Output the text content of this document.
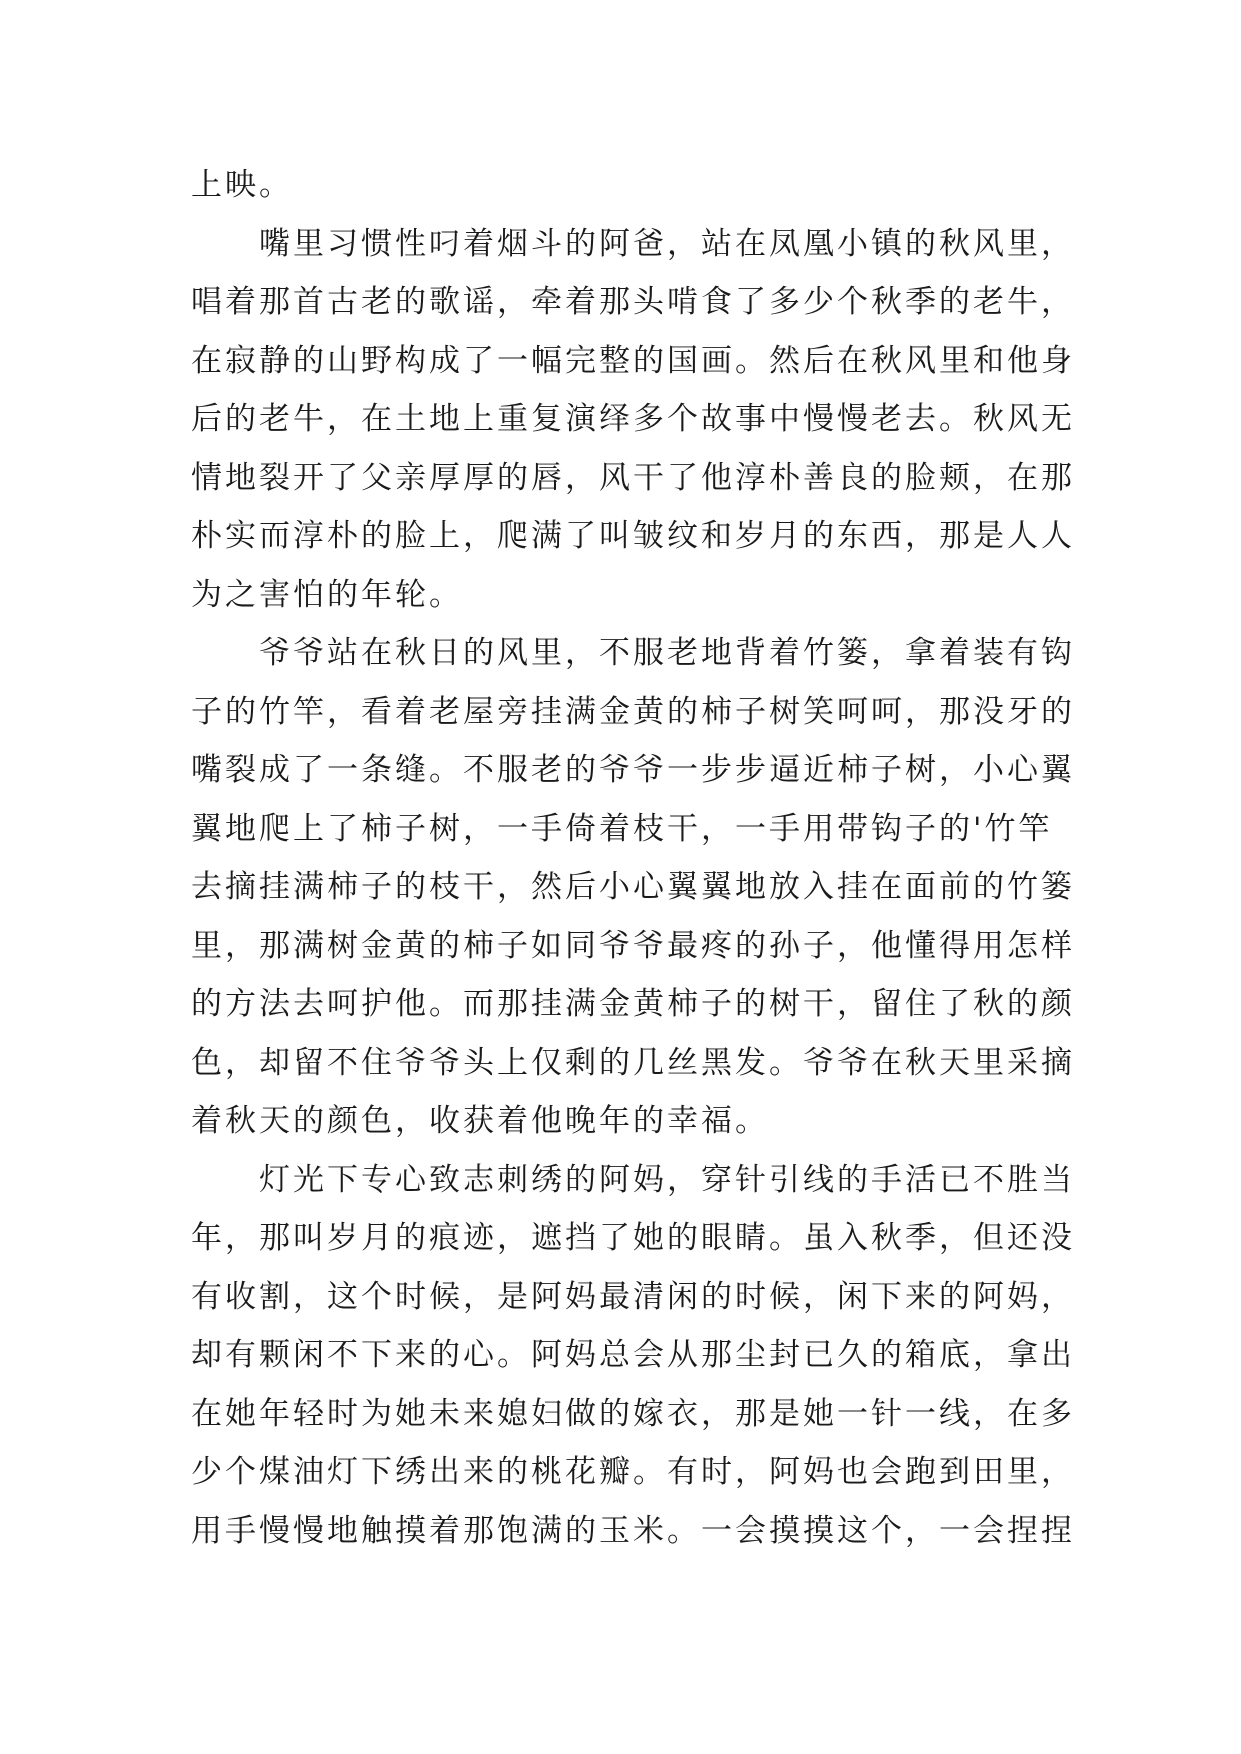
上映。
嘴里习惯性叼着烟斗的阿爸，站在凤凰小镇的秋风里，
唱着那首古老的歌谣，牵着那头啃食了多少个秋季的老牛，
在寂静的山野构成了一幅完整的国画。然后在秋风里和他身
后的老牛，在土地上重复演绎多个故事中慢慢老去。秋风无
情地裂开了父亲厚厚的唇，风干了他淳朴善良的脸颊，在那
朴实而淳朴的脸上，爬满了叫皱纹和岁月的东西，那是人人
为之害怕的年轮。
爷爷站在秋日的风里，不服老地背着竹篓，拿着装有钩
子的竹竿，看着老屋旁挂满金黄的柿子树笑呵呵，那没牙的
嘴裂成了一条缝。不服老的爷爷一步步逼近柿子树，小心翼
翼地爬上了柿子树，一手倚着枝干，一手用带钩子的'竹竿
去摘挂满柿子的枝干，然后小心翼翼地放入挂在面前的竹篓
里，那满树金黄的柿子如同爷爷最疼的孙子，他懂得用怎样
的方法去呵护他。而那挂满金黄柿子的树干，留住了秋的颜
色，却留不住爷爷头上仅剩的几丝黑发。爷爷在秋天里采摘
着秋天的颜色，收获着他晚年的幸福。
灯光下专心致志刺绣的阿妈，穿针引线的手活已不胜当
年，那叫岁月的痕迹，遮挡了她的眼睛。虽入秋季，但还没
有收割，这个时候，是阿妈最清闲的时候，闲下来的阿妈，
却有颗闲不下来的心。阿妈总会从那尘封已久的箱底，拿出
在她年轻时为她未来媳妇做的嫁衣，那是她一针一线，在多
少个煤油灯下绣出来的桃花瓣。有时，阿妈也会跑到田里，
用手慢慢地触摸着那饱满的玉米。一会摸摸这个，一会捏捏
